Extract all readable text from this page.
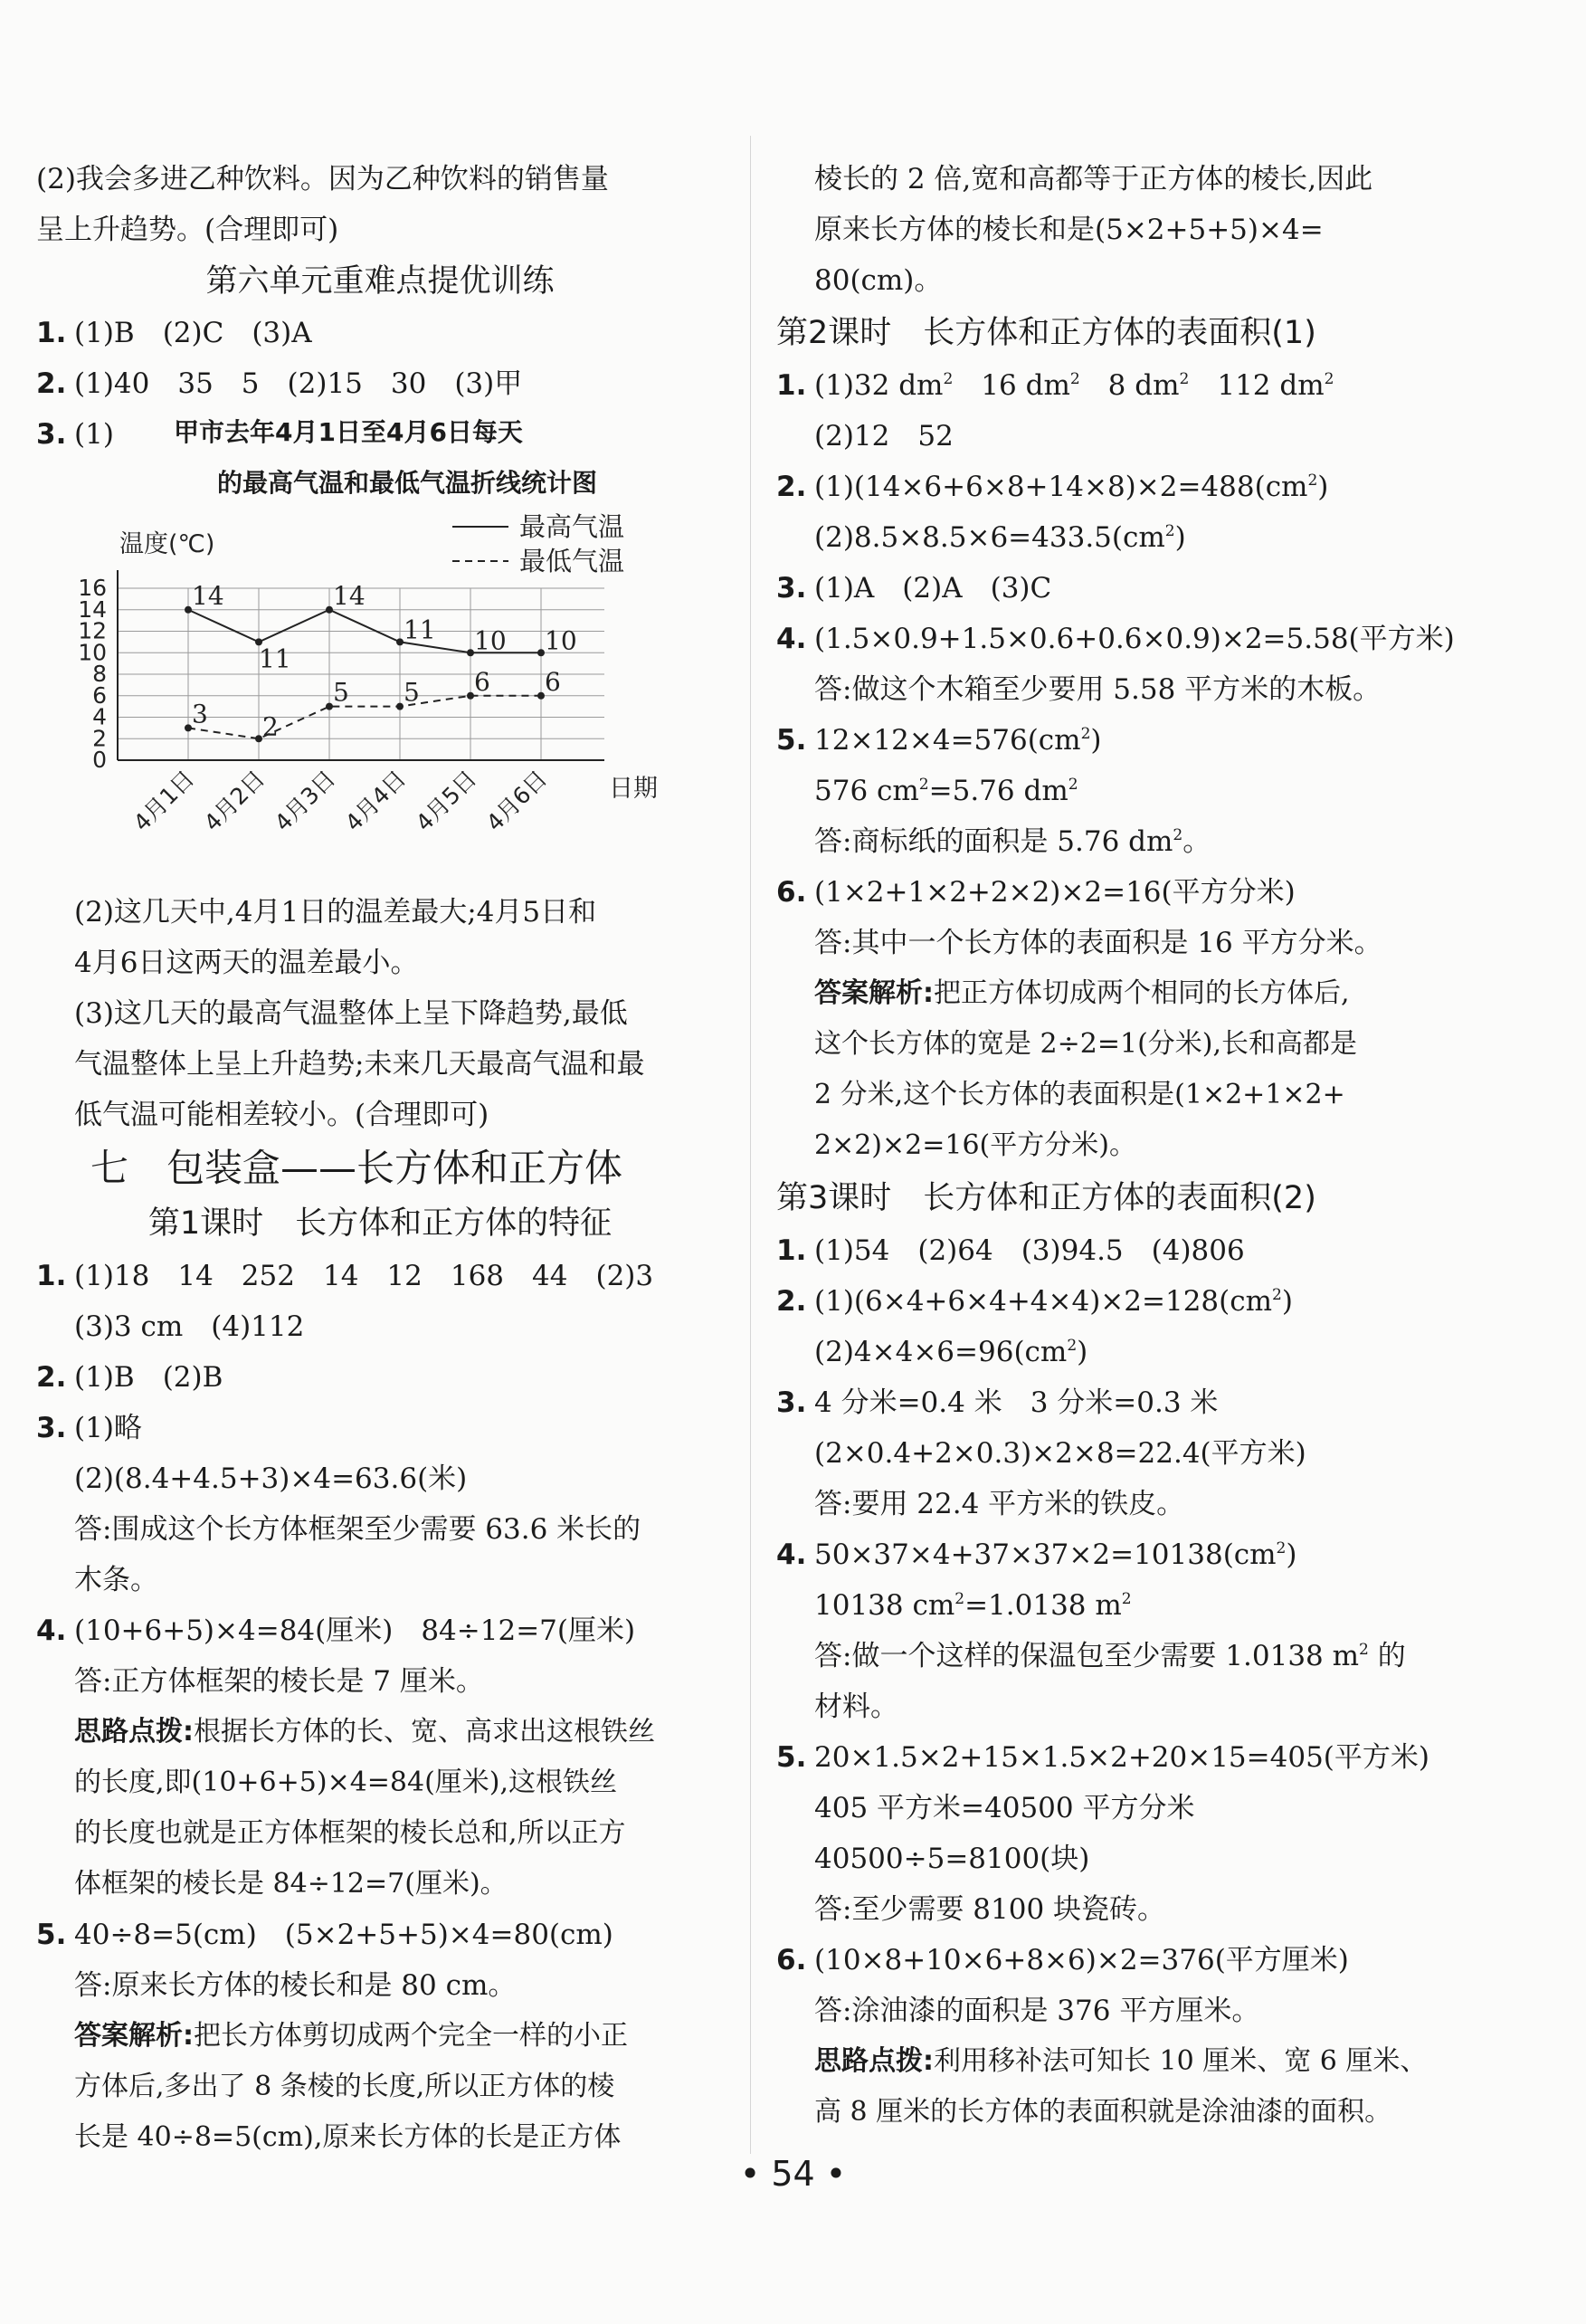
(2)我会多进乙种饮料。因为乙种饮料的销售量
呈上升趋势。(合理即可)
第六单元重难点提优训练
1. (1)B　(2)C　(3)A
2. (1)40　35　5　(2)15　30　(3)甲
3. (1)	甲市去年4月1日至4月6日每天
的最高气温和最低气温折线统计图
0
2
4
6
8
10
12
14
16
4月1日 4月2日 4月3日 4月4日 4月5日 4月6日
温度(℃)
日期
14
11
14
11 10 10
3 2
5 5 6 6
最高气温
最低气温
(2)这几天中,4月1日的温差最大;4月5日和
4月6日这两天的温差最小。
(3)这几天的最高气温整体上呈下降趋势,最低
气温整体上呈上升趋势;未来几天最高气温和最
低气温可能相差较小。(合理即可)
七　包装盒——长方体和正方体
第1课时　长方体和正方体的特征
1. (1)18　14　252　14　12　168　44　(2)3
(3)3 cm　(4)112
2. (1)B　(2)B
3. (1)略
(2)(8.4+4.5+3)×4=63.6(米)
答:围成这个长方体框架至少需要 63.6 米长的
木条。
4. (10+6+5)×4=84(厘米)　84÷12=7(厘米)
答:正方体框架的棱长是 7 厘米。
思路点拨:根据长方体的长、宽、高求出这根铁丝
的长度,即(10+6+5)×4=84(厘米),这根铁丝
的长度也就是正方体框架的棱长总和,所以正方
体框架的棱长是 84÷12=7(厘米)。
5. 40÷8=5(cm)　(5×2+5+5)×4=80(cm)
答:原来长方体的棱长和是 80 cm。
答案解析:把长方体剪切成两个完全一样的小正
方体后,多出了 8 条棱的长度,所以正方体的棱
长是 40÷8=5(cm),原来长方体的长是正方体
棱长的 2 倍,宽和高都等于正方体的棱长,因此
原来长方体的棱长和是(5×2+5+5)×4=
80(cm)。
第2课时　长方体和正方体的表面积(1)
1. (1)32 $dm^2$　16 $dm^2$　8 $dm^2$　112 $dm^2$
(2)12　52
2. $(1)(14\times 6+6\times 8+14\times 8)\times 2=488(cm^2)$
$(2)8.5\times 8.5\times 6=433.5(cm^2)$
3. (1)A　(2)A　(3)C
4. (1.5×0.9+1.5×0.6+0.6×0.9)×2=5.58(平方米)
答:做这个木箱至少要用 5.58 平方米的木板。
5. $12\times 12\times 4=576(cm^2)$
576 $cm^2=5.76$ $dm^2$
答:商标纸的面积是 5.76 $dm^2$。
6. (1×2+1×2+2×2)×2=16(平方分米)
答:其中一个长方体的表面积是 16 平方分米。
答案解析:把正方体切成两个相同的长方体后,
这个长方体的宽是 2÷2=1(分米),长和高都是
2 分米,这个长方体的表面积是(1×2+1×2+
2×2)×2=16(平方分米)。
第3课时　长方体和正方体的表面积(2)
1. (1)54　(2)64　(3)94.5　(4)806
2. $(1)(6\times 4+6\times 4+4\times 4)\times 2=128(cm^2)$
$(2)4\times 4\times 6=96(cm^2)$
3. 4 分米=0.4 米　3 分米=0.3 米
(2×0.4+2×0.3)×2×8=22.4(平方米)
答:要用 22.4 平方米的铁皮。
4. $50\times 37\times 4+37\times 37\times 2=10138(cm^2)$
10138 $cm^2=1.0138$ $m^2$
答:做一个这样的保温包至少需要 1.0138 $m^2$ 的
材料。
5. 20×1.5×2+15×1.5×2+20×15=405(平方米)
405 平方米=40500 平方分米
40500÷5=8100(块)
答:至少需要 8100 块瓷砖。
6. (10×8+10×6+8×6)×2=376(平方厘米)
答:涂油漆的面积是 376 平方厘米。
思路点拨:利用移补法可知长 10 厘米、宽 6 厘米、
高 8 厘米的长方体的表面积就是涂油漆的面积。
• 54 •
